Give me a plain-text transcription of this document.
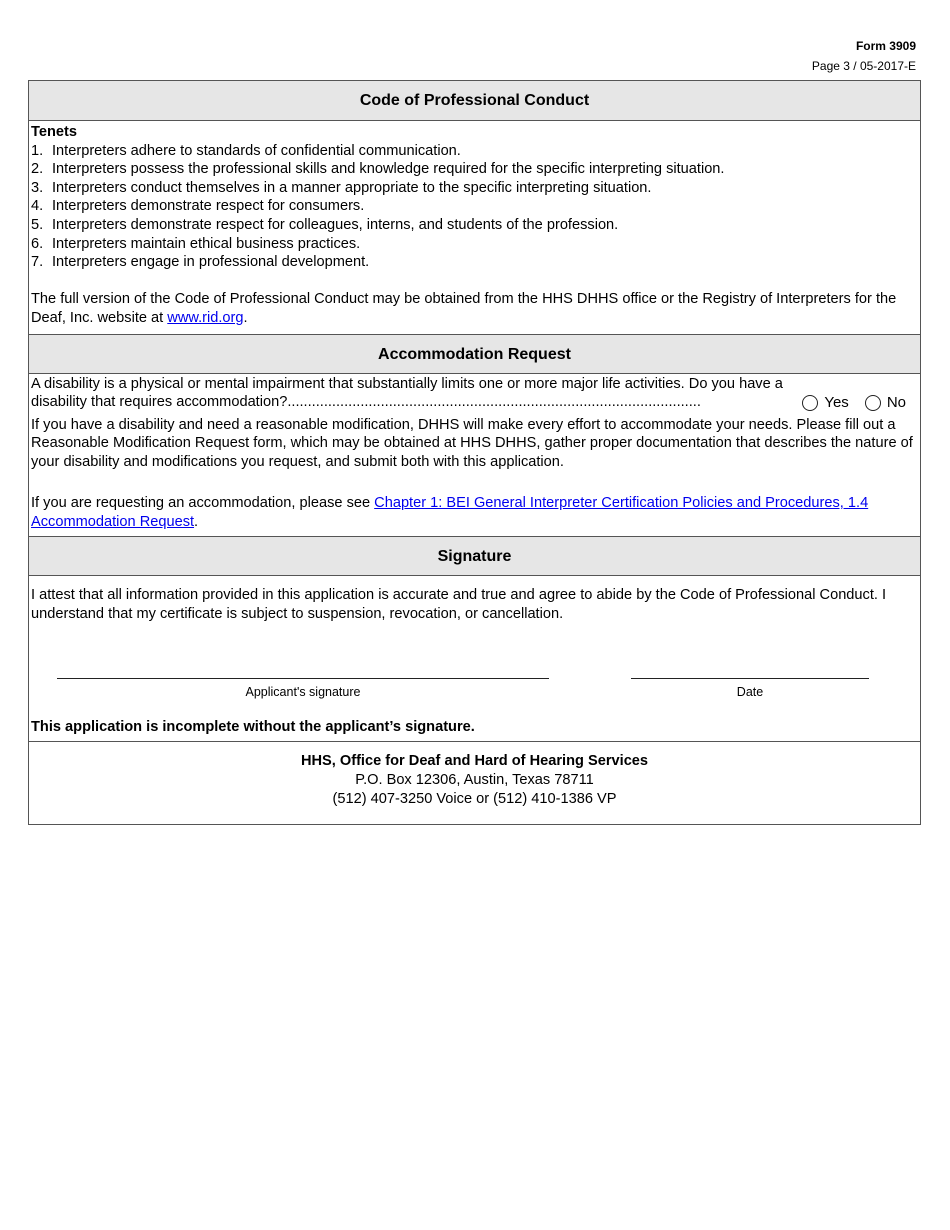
Form 3909
Page 3 / 05-2017-E
Code of Professional Conduct
Tenets
1. Interpreters adhere to standards of confidential communication.
2. Interpreters possess the professional skills and knowledge required for the specific interpreting situation.
3. Interpreters conduct themselves in a manner appropriate to the specific interpreting situation.
4. Interpreters demonstrate respect for consumers.
5. Interpreters demonstrate respect for colleagues, interns, and students of the profession.
6. Interpreters maintain ethical business practices.
7. Interpreters engage in professional development.
The full version of the Code of Professional Conduct may be obtained from the HHS DHHS office or the Registry of Interpreters for the Deaf, Inc. website at www.rid.org.
Accommodation Request
A disability is a physical or mental impairment that substantially limits one or more major life activities. Do you have a disability that requires accommodation?......................................................................................................	Yes	No
If you have a disability and need a reasonable modification, DHHS will make every effort to accommodate your needs. Please fill out a Reasonable Modification Request form, which may be obtained at HHS DHHS, gather proper documentation that describes the nature of your disability and modifications you request, and submit both with this application.
If you are requesting an accommodation, please see Chapter 1: BEI General Interpreter Certification Policies and Procedures, 1.4 Accommodation Request.
Signature
I attest that all information provided in this application is accurate and true and agree to abide by the Code of Professional Conduct. I understand that my certificate is subject to suspension, revocation, or cancellation.
Applicant's signature	Date
This application is incomplete without the applicant’s signature.
HHS, Office for Deaf and Hard of Hearing Services
P.O. Box 12306, Austin, Texas 78711
(512) 407-3250 Voice or (512) 410-1386 VP
